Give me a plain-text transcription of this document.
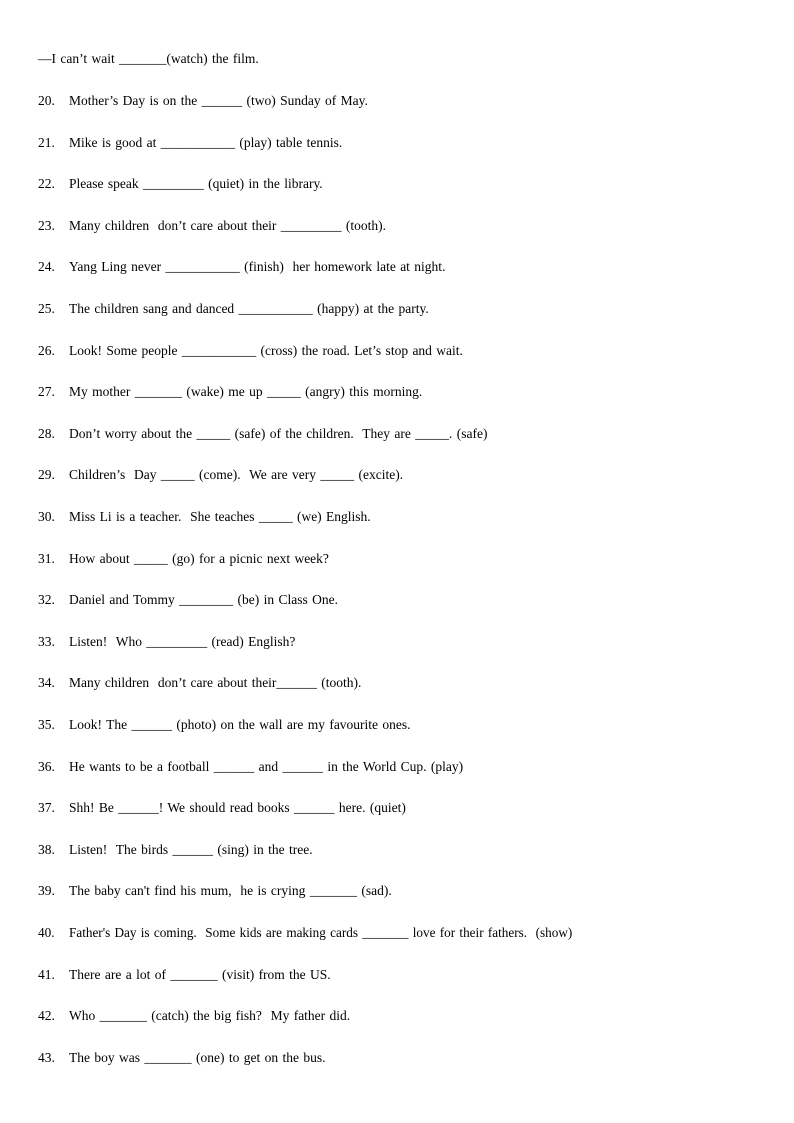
—I can’t wait _______(watch) the film.
20. Mother’s Day is on the ______ (two) Sunday of May.
21. Mike is good at ___________ (play) table tennis.
22. Please speak _________ (quiet) in the library.
23. Many children  don’t care about their _________ (tooth).
24. Yang Ling never ___________ (finish)  her homework late at night.
25. The children sang and danced ___________ (happy) at the party.
26. Look! Some people ___________ (cross) the road. Let’s stop and wait.
27. My mother _______ (wake) me up _____ (angry) this morning.
28. Don’t worry about the _____ (safe) of the children.  They are _____. (safe)
29. Children’s  Day _____ (come).  We are very _____ (excite).
30. Miss Li is a teacher.  She teaches _____ (we) English.
31. How about _____ (go) for a picnic next week?
32. Daniel and Tommy ________ (be) in Class One.
33. Listen!  Who _________ (read) English?
34. Many children  don’t care about their______ (tooth).
35. Look! The ______ (photo) on the wall are my favourite ones.
36. He wants to be a football ______ and ______ in the World Cup. (play)
37. Shh! Be ______! We should read books ______ here. (quiet)
38. Listen!  The birds ______ (sing) in the tree.
39. The baby can't find his mum,  he is crying _______ (sad).
40. Father's Day is coming.  Some kids are making cards _______ love for their fathers.  (show)
41. There are a lot of _______ (visit) from the US.
42. Who _______ (catch) the big fish?  My father did.
43. The boy was _______ (one) to get on the bus.
